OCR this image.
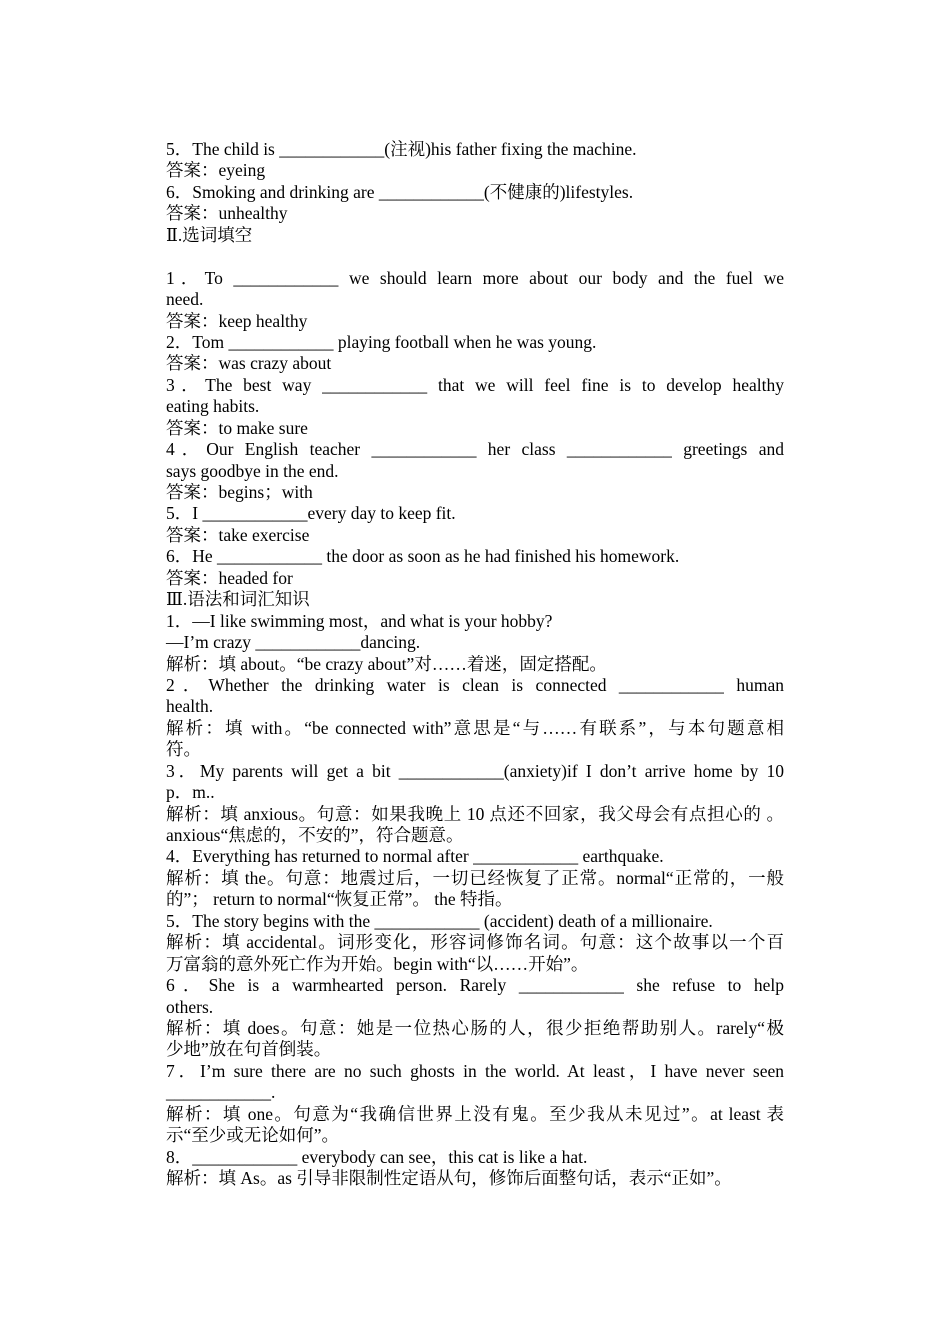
5．The child is ____________(注视)his father fixing the machine.
答案：eyeing
6．Smoking and drinking are ____________(不健康的)lifestyles.
答案：unhealthy
Ⅱ.选词填空
1．To ____________ we should learn more about our body and the fuel we
need.
答案：keep healthy
2．Tom ____________ playing football when he was young.
答案：was crazy about
3．The best way ____________ that we will feel fine is to develop healthy
eating habits.
答案：to make sure
4．Our English teacher ____________ her class ____________ greetings and
says goodbye in the end.
答案：begins；with
5．I ____________every day to keep fit.
答案：take exercise
6．He ____________ the door as soon as he had finished his homework.
答案：headed for
Ⅲ.语法和词汇知识
1．—I like swimming most，and what is your hobby?
—I’m crazy ____________dancing.
解析：填 about。“be crazy about”对……着迷，固定搭配。
2．Whether the drinking water is clean is connected ____________ human
health.
解析：填 with。“be connected with”意思是“与……有联系”，与本句题意相
符。
3．My parents will get a bit ____________(anxiety)if I don’t arrive home by 10
p．m..
解析：填 anxious。句意：如果我晚上 10 点还不回家，我父母会有点担心的 。
anxious“焦虑的，不安的”，符合题意。
4．Everything has returned to normal after ____________ earthquake.
解析：填 the。句意：地震过后，一切已经恢复了正常。normal“正常的，一般
的”； return to normal“恢复正常”。 the 特指。
5．The story begins with the ____________ (accident) death of a millionaire.
解析：填 accidental。词形变化，形容词修饰名词。句意：这个故事以一个百
万富翁的意外死亡作为开始。begin with“以……开始”。
6．She is a warmhearted person. Rarely ____________ she refuse to help
others.
解析：填 does。句意：她是一位热心肠的人，很少拒绝帮助别人。rarely“极
少地”放在句首倒装。
7．I’m sure there are no such ghosts in the world. At least，I have never seen
____________.
解析：填 one。句意为“我确信世界上没有鬼。至少我从未见过”。at least 表
示“至少或无论如何”。
8．____________ everybody can see，this cat is like a hat.
解析：填 As。as 引导非限制性定语从句，修饰后面整句话，表示“正如”。
